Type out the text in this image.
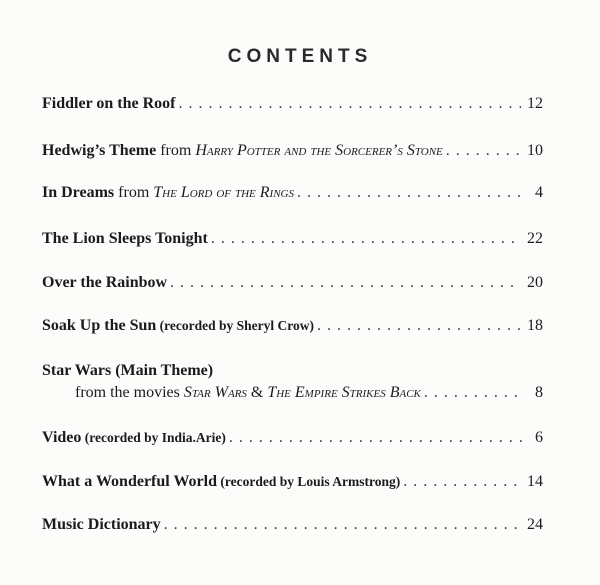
CONTENTS
Fiddler on the Roof . . .	12
Hedwig’s Theme from Harry Potter and the Sorcerer’s Stone . . .	10
In Dreams from The Lord of the Rings . . .	4
The Lion Sleeps Tonight . . .	22
Over the Rainbow . . .	20
Soak Up the Sun (recorded by Sheryl Crow) . . .	18
Star Wars (Main Theme)
from the movies Star Wars & The Empire Strikes Back . . .	8
Video (recorded by India.Arie) . . .	6
What a Wonderful World (recorded by Louis Armstrong) . . .	14
Music Dictionary . . .	24
